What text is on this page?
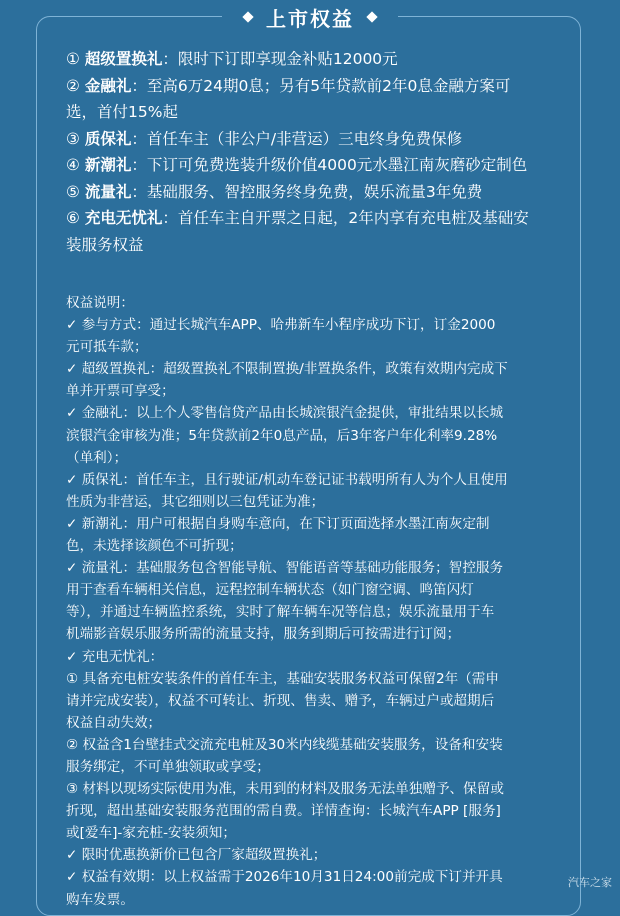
上市权益

① 超级置换礼：限时下订即享现金补贴12000元

② 金融礼：至高6万24期0息；另有5年贷款前2年0息金融方案可

选，首付15%起

③ 质保礼：首任车主（非公户/非营运）三电终身免费保修

④ 新潮礼：下订可免费选装升级价值4000元水墨江南灰磨砂定制色

⑤ 流量礼：基础服务、智控服务终身免费，娱乐流量3年免费

⑥ 充电无忧礼：首任车主自开票之日起，2年内享有充电桩及基础安

装服务权益

权益说明：

✓ 参与方式：通过长城汽车APP、哈弗新车小程序成功下订，订金2000

元可抵车款；

✓ 超级置换礼：超级置换礼不限制置换/非置换条件，政策有效期内完成下

单并开票可享受；

✓ 金融礼：以上个人零售信贷产品由长城滨银汽金提供，审批结果以长城

滨银汽金审核为准；5年贷款前2年0息产品，后3年客户年化利率9.28%

（单利）；

✓ 质保礼：首任车主，且行驶证/机动车登记证书载明所有人为个人且使用

性质为非营运，其它细则以三包凭证为准；

✓ 新潮礼：用户可根据自身购车意向，在下订页面选择水墨江南灰定制

色，未选择该颜色不可折现；

✓ 流量礼：基础服务包含智能导航、智能语音等基础功能服务；智控服务

用于查看车辆相关信息，远程控制车辆状态（如门窗空调、鸣笛闪灯

等），并通过车辆监控系统，实时了解车辆车况等信息；娱乐流量用于车

机端影音娱乐服务所需的流量支持，服务到期后可按需进行订阅；

✓ 充电无忧礼：

① 具备充电桩安装条件的首任车主，基础安装服务权益可保留2年（需申

请并完成安装），权益不可转让、折现、售卖、赠予，车辆过户或超期后

权益自动失效；

② 权益含1台壁挂式交流充电桩及30米内线缆基础安装服务，设备和安装

服务绑定，不可单独领取或享受；

③ 材料以现场实际使用为准，未用到的材料及服务无法单独赠予、保留或

折现，超出基础安装服务范围的需自费。详情查询：长城汽车APP [服务]

或[爱车]-家充桩-安装须知；

✓ 限时优惠换新价已包含厂家超级置换礼；

✓ 权益有效期：以上权益需于2026年10月31日24:00前完成下订并开具

购车发票。

汽车之家
